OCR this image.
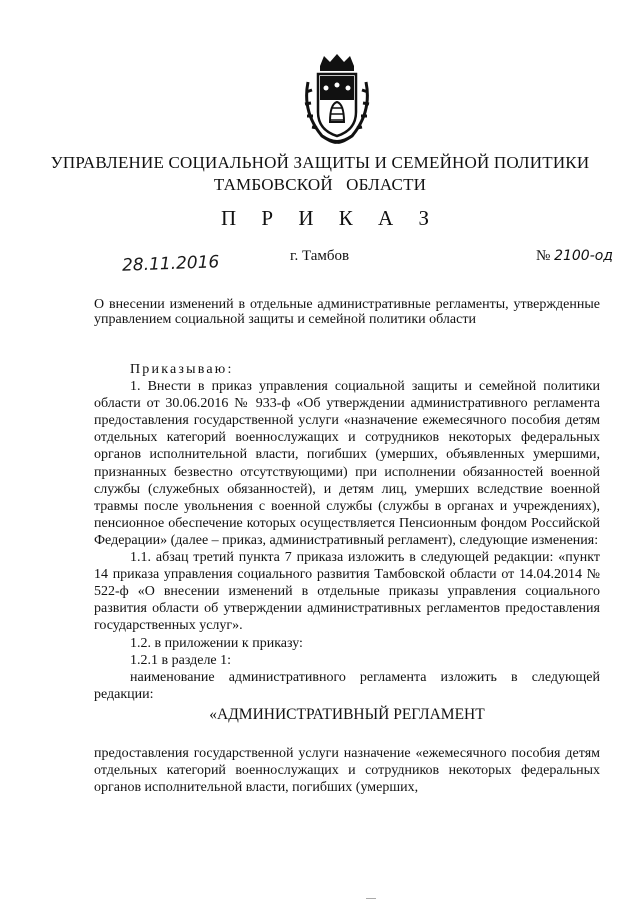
УПРАВЛЕНИЕ СОЦИАЛЬНОЙ ЗАЩИТЫ И СЕМЕЙНОЙ ПОЛИТИКИ
ТАМБОВСКОЙ   ОБЛАСТИ
П Р И К А З
28.11.2016	г. Тамбов	№ 2100-од
О внесении изменений в отдельные административные регламенты, утвержденные управлением социальной защиты и семейной политики области

Приказываю:

1. Внести в приказ управления социальной защиты и семейной политики области от 30.06.2016 № 933-ф «Об утверждении административного регламента предоставления государственной услуги «назначение ежемесячного пособия детям отдельных категорий военнослужащих и сотрудников некоторых федеральных органов исполнительной власти, погибших (умерших, объявленных умершими, признанных безвестно отсутствующими) при исполнении обязанностей военной службы (служебных обязанностей), и детям лиц, умерших вследствие военной травмы после увольнения с военной службы (службы в органах и учреждениях), пенсионное обеспечение которых осуществляется Пенсионным фондом Российской Федерации» (далее – приказ, административный регламент), следующие изменения:

1.1. абзац третий пункта 7 приказа изложить в следующей редакции: «пункт 14 приказа управления социального развития Тамбовской области от 14.04.2014 № 522-ф «О внесении изменений в отдельные приказы управления социального развития области об утверждении административных регламентов предоставления государственных услуг».

1.2. в приложении к приказу:

1.2.1 в разделе 1:

наименование административного регламента изложить в следующей редакции:

«АДМИНИСТРАТИВНЫЙ РЕГЛАМЕНТ

предоставления государственной услуги назначение «ежемесячного пособия детям отдельных категорий военнослужащих и сотрудников некоторых федеральных органов исполнительной власти, погибших (умерших,
